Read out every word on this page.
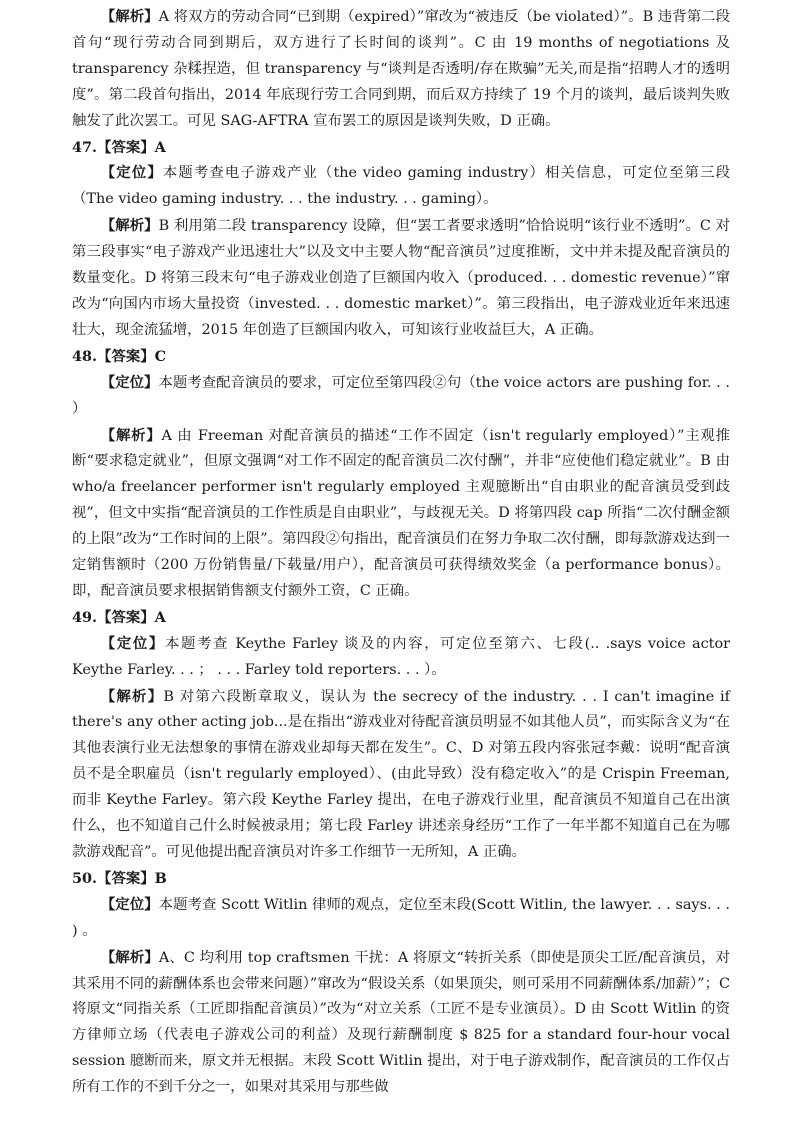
【解析】A 将双方的劳动合同“已到期（expired）”窜改为“被违反（be violated）”。B 违背第二段首句“现行劳动合同到期后，双方进行了长时间的谈判”。C 由 19 months of negotiations 及 transparency 杂糅捏造，但 transparency 与“谈判是否透明/存在欺骗”无关,而是指“招聘人才的透明度”。第二段首句指出，2014 年底现行劳工合同到期，而后双方持续了 19 个月的谈判，最后谈判失败触发了此次罢工。可见 SAG-AFTRA 宣布罢工的原因是谈判失败，D 正确。
47.【答案】A
【定位】本题考查电子游戏产业（the video gaming industry）相关信息，可定位至第三段（The video gaming industry. . . the industry. . . gaming）。
【解析】B 利用第二段 transparency 设障，但“罢工者要求透明”恰恰说明“该行业不透明”。C 对第三段事实“电子游戏产业迅速壮大”以及文中主要人物“配音演员”过度推断，文中并未提及配音演员的数量变化。D 将第三段末句“电子游戏业创造了巨额国内收入（produced. . . domestic revenue）”窜改为“向国内市场大量投资（invested. . . domestic market）”。第三段指出，电子游戏业近年来迅速壮大，现金流猛增，2015 年创造了巨额国内收入，可知该行业收益巨大，A 正确。
48.【答案】C
【定位】本题考查配音演员的要求，可定位至第四段②句（the voice actors are pushing for. . . ）
【解析】A 由 Freeman 对配音演员的描述“工作不固定（isn't regularly employed）”主观推断“要求稳定就业”，但原文强调“对工作不固定的配音演员二次付酬”，并非“应使他们稳定就业”。B 由 who/a freelancer performer isn't regularly employed 主观臆断出“自由职业的配音演员受到歧视”，但文中实指“配音演员的工作性质是自由职业”，与歧视无关。D 将第四段 cap 所指“二次付酬金额的上限”改为“工作时间的上限”。第四段②句指出，配音演员们在努力争取二次付酬，即每款游戏达到一定销售额时（200 万份销售量/下载量/用户），配音演员可获得绩效奖金（a performance bonus）。即，配音演员要求根据销售额支付额外工资，C 正确。
49.【答案】A
【定位】本题考查 Keythe Farley 谈及的内容，可定位至第六、七段(.. .says voice actor Keythe Farley. . . ； . . . Farley told reporters. . . ）。
【解析】B 对第六段断章取义，误认为 the secrecy of the industry. . . I can't imagine if there's any other acting job...是在指出“游戏业对待配音演员明显不如其他人员”，而实际含义为“在其他表演行业无法想象的事情在游戏业却每天都在发生”。C、D 对第五段内容张冠李戴：说明“配音演员不是全职雇员（isn't regularly employed）、(由此导致）没有稳定收入”的是 Crispin Freeman,而非 Keythe Farley。第六段 Keythe Farley 提出，在电子游戏行业里，配音演员不知道自己在出演什么，也不知道自己什么时候被录用；第七段 Farley 讲述亲身经历“工作了一年半都不知道自己在为哪款游戏配音”。可见他提出配音演员对许多工作细节一无所知，A 正确。
50.【答案】B
【定位】本题考查 Scott Witlin 律师的观点，定位至末段(Scott Witlin, the lawyer. . . says. . . ) 。
【解析】A、C 均利用 top craftsmen 干扰：A 将原文“转折关系（即使是顶尖工匠/配音演员，对其采用不同的薪酬体系也会带来问题）”窜改为“假设关系（如果顶尖，则可采用不同薪酬体系/加薪）”；C 将原文“同指关系（工匠即指配音演员）”改为“对立关系（工匠不是专业演员）。D 由 Scott Witlin 的资方律师立场（代表电子游戏公司的利益）及现行薪酬制度 $ 825 for a standard four-hour vocal session 臆断而来，原文并无根据。末段 Scott Witlin 提出，对于电子游戏制作，配音演员的工作仅占所有工作的不到千分之一，如果对其采用与那些做
